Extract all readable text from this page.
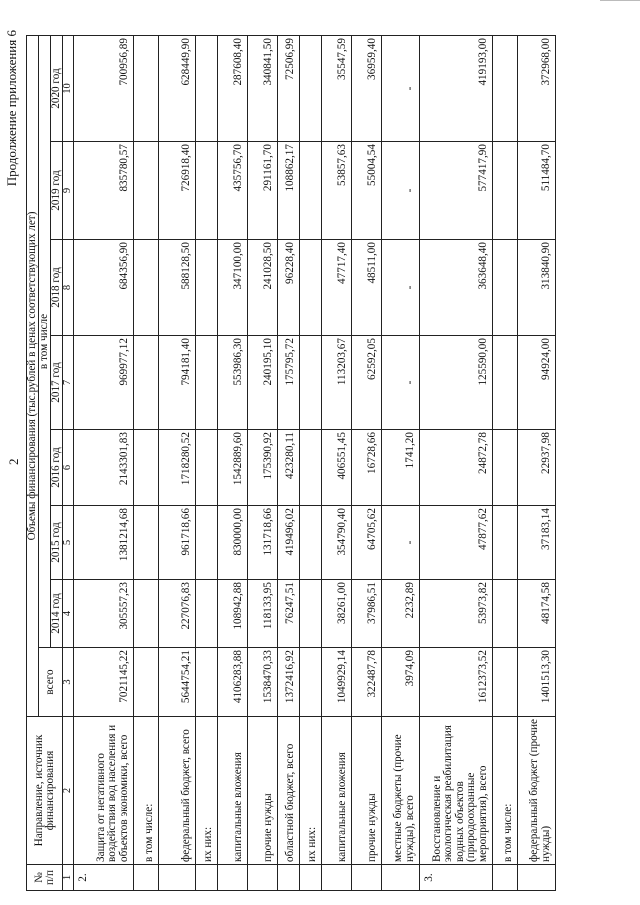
2
Продолжение приложения 6
№ п/п	Направление, источник финансирования	Объемы финансирования (тыс.рублей в ценах соответствующих лет)							
		всего	в том числе						
			2014 год	2015 год	2016 год	2017 год	2018 год	2019 год	2020 год
1	2	3	4	5	6	7	8	9	10
2.	Защита от негативного воздействия вод населения и объектов экономики, всего	7021145,22	305557,23	1381214,68	2143301,83	969977,12	684356,90	835780,57	700956,89
	в том числе:								
	федеральный бюджет, всего	5644754,21	227076,83	961718,66	1718280,52	794181,40	588128,50	726918,40	628449,90
	их них:								
	капитальные вложения	4106283,88	108942,88	830000,00	1542889,60	553986,30	347100,00	435756,70	287608,40
	прочие нужды	1538470,33	118133,95	131718,66	175390,92	240195,10	241028,50	291161,70	340841,50
	областной бюджет, всего	1372416,92	76247,51	419496,02	423280,11	175795,72	96228,40	108862,17	72506,99
	их них:								
	капитальные вложения	1049929,14	38261,00	354790,40	406551,45	113203,67	47717,40	53857,63	35547,59
	прочие нужды	322487,78	37986,51	64705,62	16728,66	62592,05	48511,00	55004,54	36959,40
	местные бюджеты (прочие нужды), всего	3974,09	2232,89	-	1741,20	-	-	-	-
3.	Восстановление и экологическая реабилитация водных объектов (природоохранные мероприятия), всего	1612373,52	53973,82	47877,62	24872,78	125590,00	363648,40	577417,90	419193,00
	в том числе:								
	федеральный бюджет (прочие нужды)	1401513,30	48174,58	37183,14	22937,98	94924,00	313840,90	511484,70	372968,00
